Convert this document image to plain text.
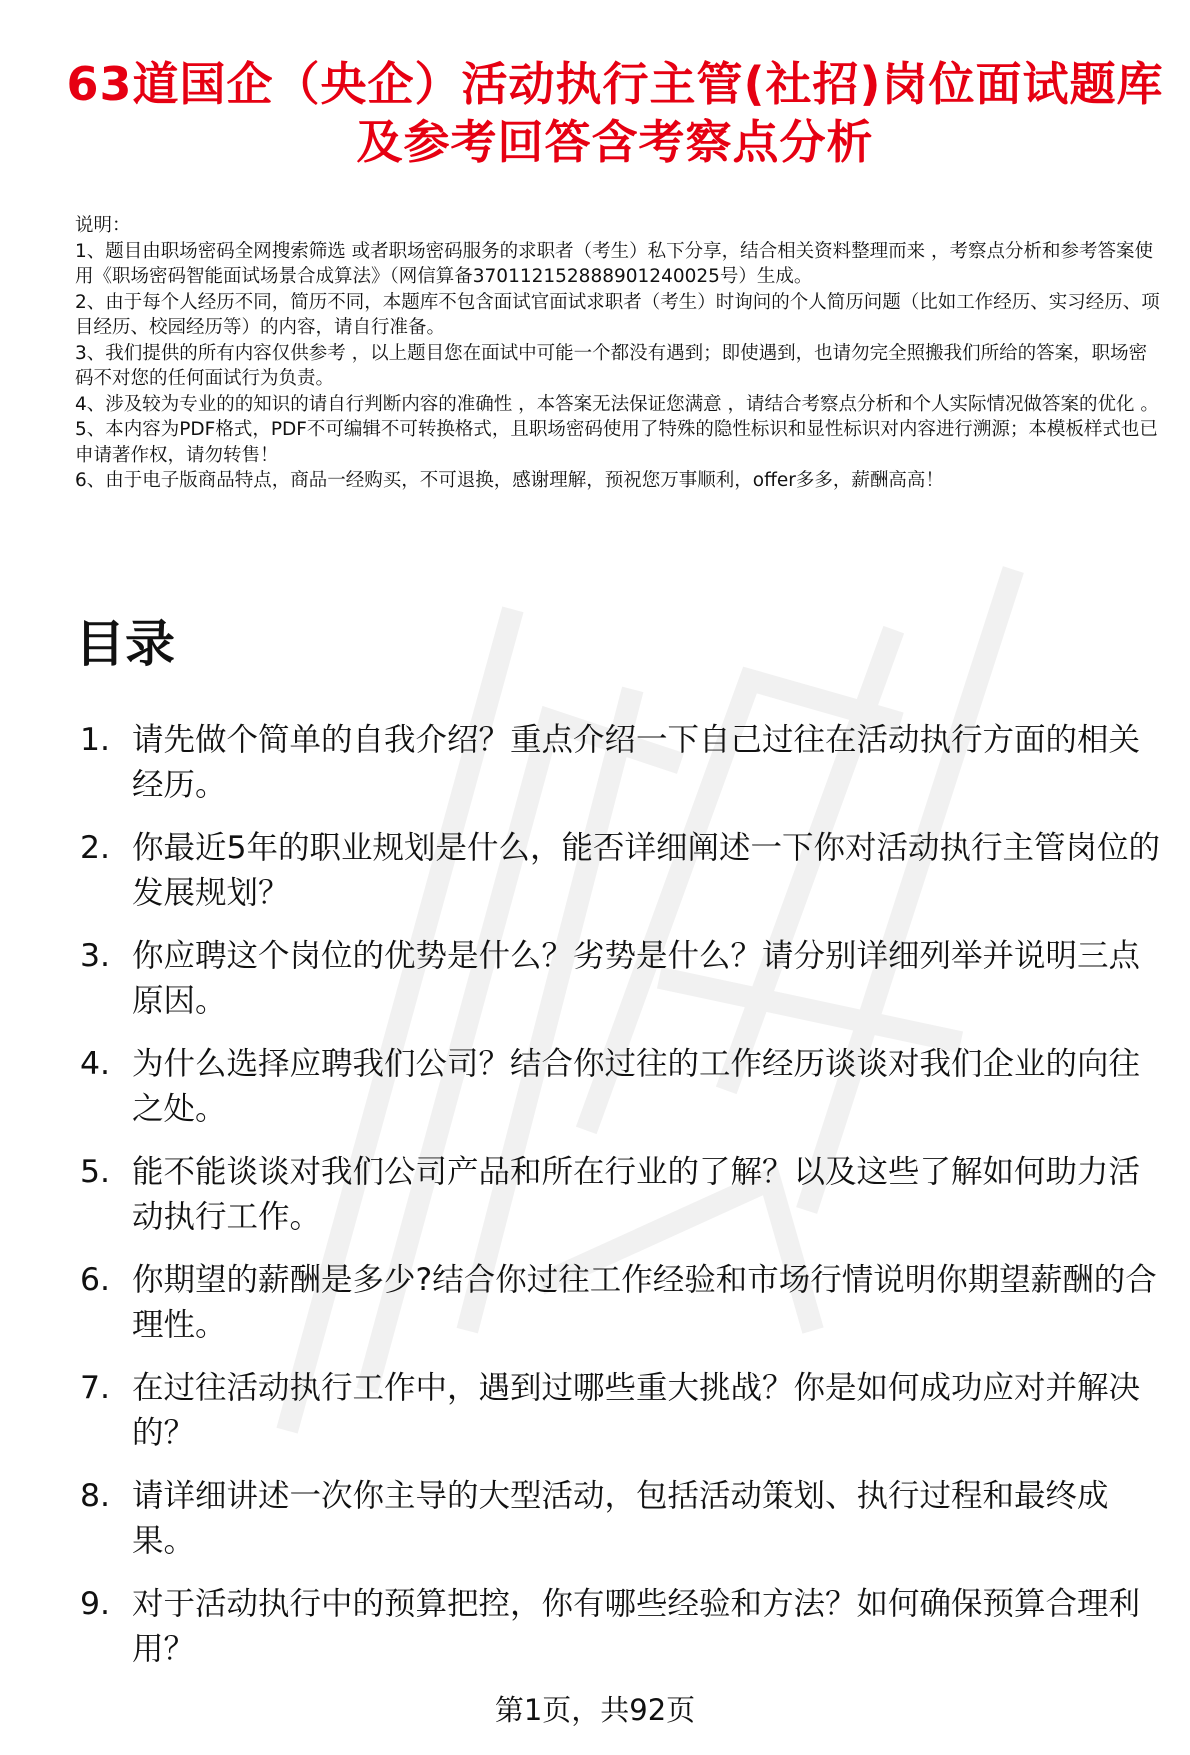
63道国企（央企）活动执行主管(社招)岗位面试题库及参考回答含考察点分析

说明：

1、题目由职场密码全网搜索筛选 或者职场密码服务的求职者（考生）私下分享，结合相关资料整理而来 ，考察点分析和参考答案使用《职场密码智能面试场景合成算法》（网信算备370112152888901240025号）生成。

2、由于每个人经历不同，简历不同，本题库不包含面试官面试求职者（考生）时询问的个人简历问题（比如工作经历、实习经历、项目经历、校园经历等）的内容，请自行准备。

3、我们提供的所有内容仅供参考 ，以上题目您在面试中可能一个都没有遇到；即使遇到，也请勿完全照搬我们所给的答案，职场密码不对您的任何面试行为负责。

4、涉及较为专业的的知识的请自行判断内容的准确性 ，本答案无法保证您满意 ，请结合考察点分析和个人实际情况做答案的优化 。

5、本内容为PDF格式，PDF不可编辑不可转换格式，且职场密码使用了特殊的隐性标识和显性标识对内容进行溯源；本模板样式也已申请著作权，请勿转售！

6、由于电子版商品特点，商品一经购买，不可退换，感谢理解，预祝您万事顺利，offer多多，薪酬高高！

目录
1. 请先做个简单的自我介绍？重点介绍一下自己过往在活动执行方面的相关经历。
2. 你最近5年的职业规划是什么，能否详细阐述一下你对活动执行主管岗位的发展规划？
3. 你应聘这个岗位的优势是什么？劣势是什么？请分别详细列举并说明三点原因。
4. 为什么选择应聘我们公司？结合你过往的工作经历谈谈对我们企业的向往之处。
5. 能不能谈谈对我们公司产品和所在行业的了解？以及这些了解如何助力活动执行工作。
6. 你期望的薪酬是多少?结合你过往工作经验和市场行情说明你期望薪酬的合理性。
7. 在过往活动执行工作中，遇到过哪些重大挑战？你是如何成功应对并解决的？
8. 请详细讲述一次你主导的大型活动，包括活动策划、执行过程和最终成果。
9. 对于活动执行中的预算把控，你有哪些经验和方法？如何确保预算合理利用？
第1页，共92页
